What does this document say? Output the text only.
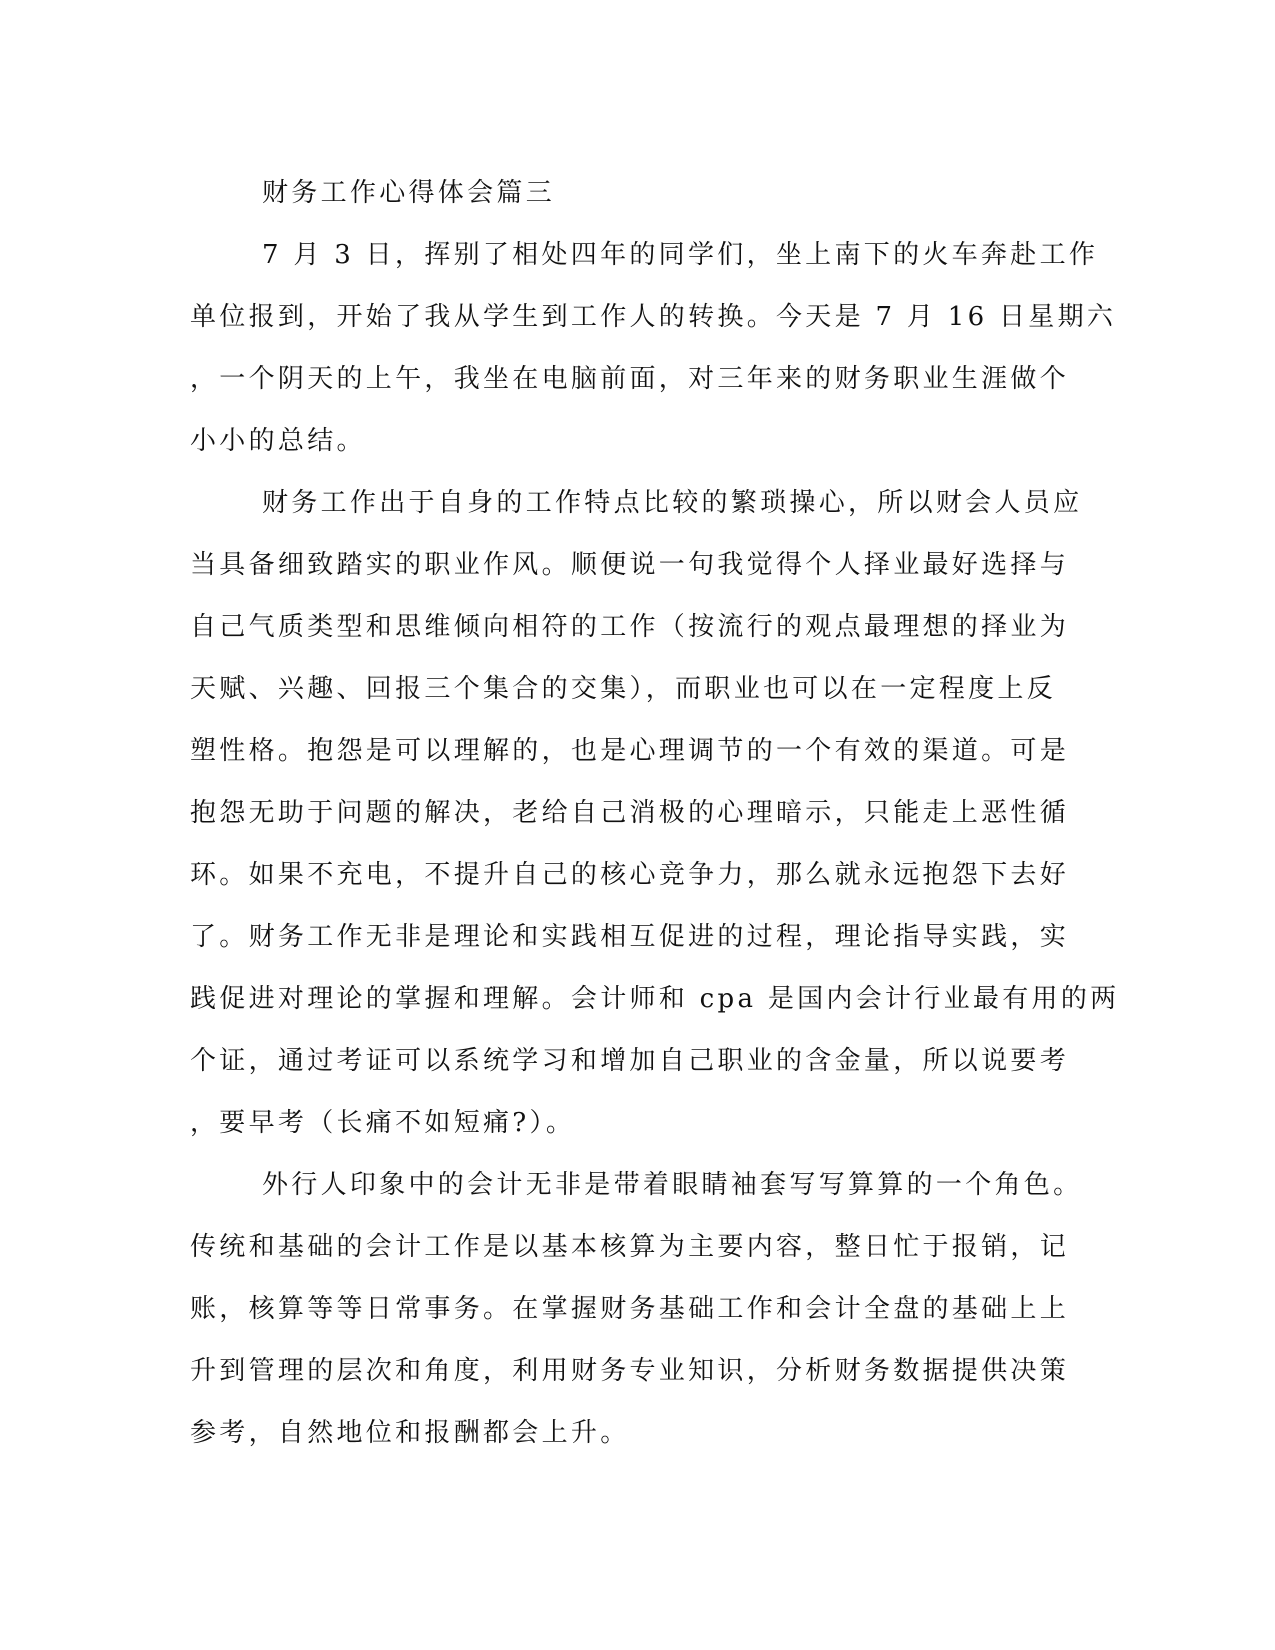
财务工作心得体会篇三
7 月 3 日，挥别了相处四年的同学们，坐上南下的火车奔赴工作
单位报到，开始了我从学生到工作人的转换。今天是 7 月 16 日星期六
，一个阴天的上午，我坐在电脑前面，对三年来的财务职业生涯做个
小小的总结。
财务工作出于自身的工作特点比较的繁琐操心，所以财会人员应
当具备细致踏实的职业作风。顺便说一句我觉得个人择业最好选择与
自己气质类型和思维倾向相符的工作（按流行的观点最理想的择业为
天赋、兴趣、回报三个集合的交集），而职业也可以在一定程度上反
塑性格。抱怨是可以理解的，也是心理调节的一个有效的渠道。可是
抱怨无助于问题的解决，老给自己消极的心理暗示，只能走上恶性循
环。如果不充电，不提升自己的核心竞争力，那么就永远抱怨下去好
了。财务工作无非是理论和实践相互促进的过程，理论指导实践，实
践促进对理论的掌握和理解。会计师和 cpa 是国内会计行业最有用的两
个证，通过考证可以系统学习和增加自己职业的含金量，所以说要考
，要早考（长痛不如短痛?）。
外行人印象中的会计无非是带着眼睛袖套写写算算的一个角色。
传统和基础的会计工作是以基本核算为主要内容，整日忙于报销，记
账，核算等等日常事务。在掌握财务基础工作和会计全盘的基础上上
升到管理的层次和角度，利用财务专业知识，分析财务数据提供决策
参考，自然地位和报酬都会上升。
